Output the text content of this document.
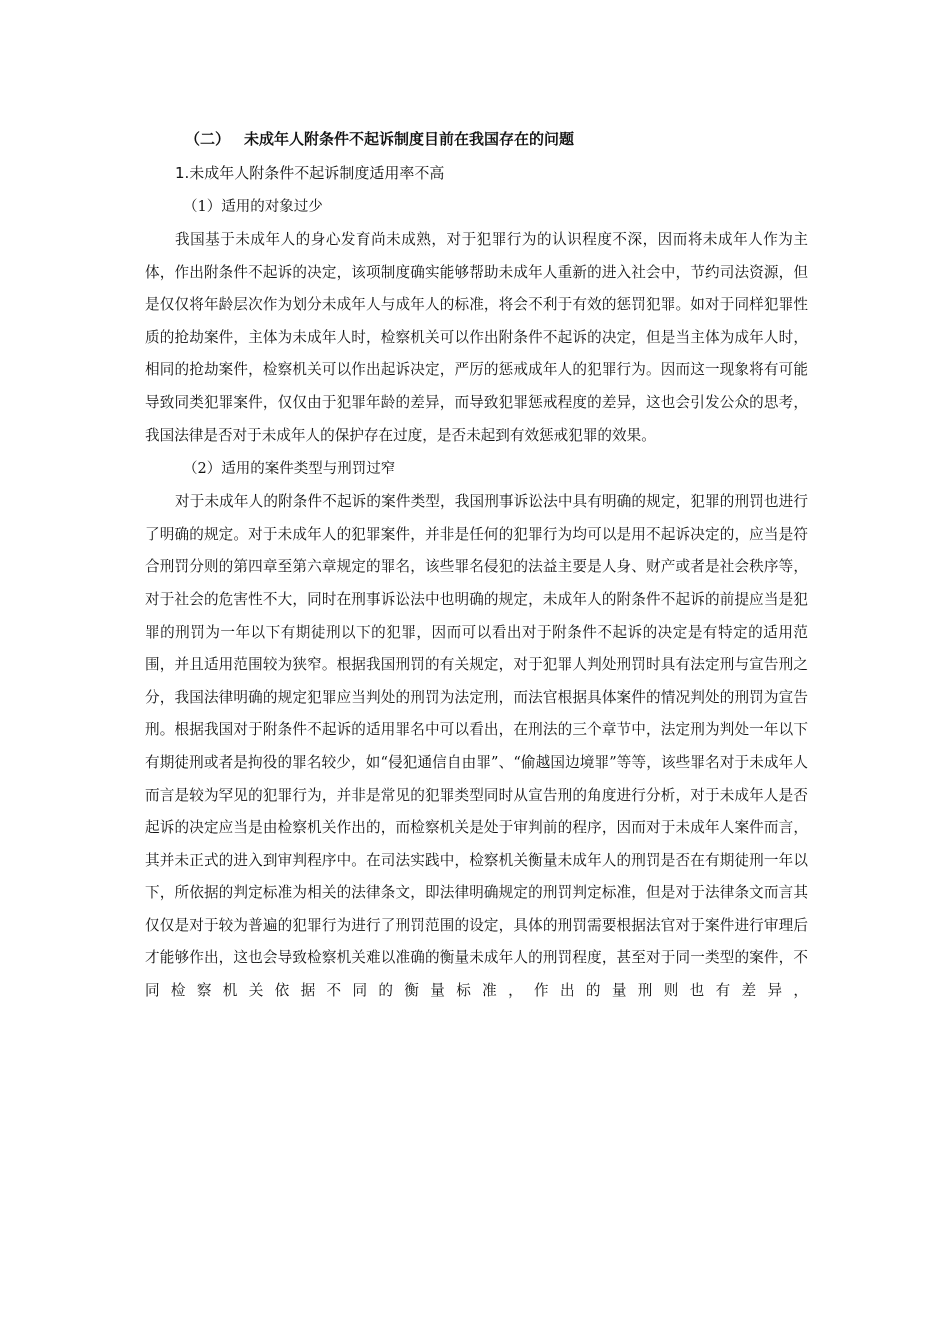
（二） 未成年人附条件不起诉制度目前在我国存在的问题

1.未成年人附条件不起诉制度适用率不高

（1）适用的对象过少

我国基于未成年人的身心发育尚未成熟，对于犯罪行为的认识程度不深，因而将未成年人作为主体，作出附条件不起诉的决定，该项制度确实能够帮助未成年人重新的进入社会中，节约司法资源，但是仅仅将年龄层次作为划分未成年人与成年人的标准，将会不利于有效的惩罚犯罪。如对于同样犯罪性质的抢劫案件，主体为未成年人时，检察机关可以作出附条件不起诉的决定，但是当主体为成年人时，相同的抢劫案件，检察机关可以作出起诉决定，严厉的惩戒成年人的犯罪行为。因而这一现象将有可能导致同类犯罪案件，仅仅由于犯罪年龄的差异，而导致犯罪惩戒程度的差异，这也会引发公众的思考，我国法律是否对于未成年人的保护存在过度，是否未起到有效惩戒犯罪的效果。

（2）适用的案件类型与刑罚过窄

对于未成年人的附条件不起诉的案件类型，我国刑事诉讼法中具有明确的规定，犯罪的刑罚也进行了明确的规定。对于未成年人的犯罪案件，并非是任何的犯罪行为均可以是用不起诉决定的，应当是符合刑罚分则的第四章至第六章规定的罪名，该些罪名侵犯的法益主要是人身、财产或者是社会秩序等，对于社会的危害性不大，同时在刑事诉讼法中也明确的规定，未成年人的附条件不起诉的前提应当是犯罪的刑罚为一年以下有期徒刑以下的犯罪，因而可以看出对于附条件不起诉的决定是有特定的适用范围，并且适用范围较为狭窄。根据我国刑罚的有关规定，对于犯罪人判处刑罚时具有法定刑与宣告刑之分，我国法律明确的规定犯罪应当判处的刑罚为法定刑，而法官根据具体案件的情况判处的刑罚为宣告刑。根据我国对于附条件不起诉的适用罪名中可以看出，在刑法的三个章节中，法定刑为判处一年以下有期徒刑或者是拘役的罪名较少，如“侵犯通信自由罪”、“偷越国边境罪”等等，该些罪名对于未成年人而言是较为罕见的犯罪行为，并非是常见的犯罪类型同时从宣告刑的角度进行分析，对于未成年人是否起诉的决定应当是由检察机关作出的，而检察机关是处于审判前的程序，因而对于未成年人案件而言，其并未正式的进入到审判程序中。在司法实践中，检察机关衡量未成年人的刑罚是否在有期徒刑一年以下，所依据的判定标准为相关的法律条文，即法律明确规定的刑罚判定标准，但是对于法律条文而言其仅仅是对于较为普遍的犯罪行为进行了刑罚范围的设定，具体的刑罚需要根据法官对于案件进行审理后才能够作出，这也会导致检察机关难以准确的衡量未成年人的刑罚程度，甚至对于同一类型的案件，不同检察机关依据不同的衡量标准，作出的量刑则也有差异，
